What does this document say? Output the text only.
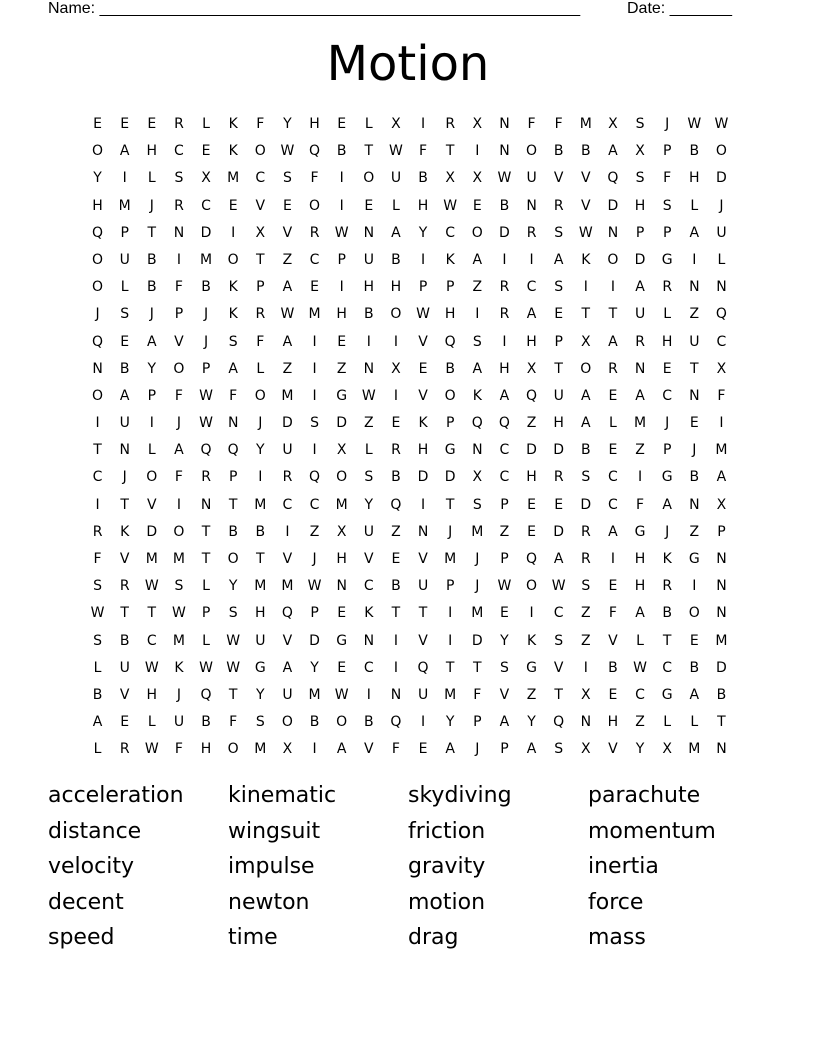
Name: ______________________________________________________	Date: _______
Motion
E	E	E	R	L	K	F	Y	H	E	L	X	I	R	X	N	F	F	M	X	S	J	W W
O	A	H	C	E	K	O	W	Q	B	T	W	F	T	I	N	O	B	B	A	X	P	B	O
Y	I	L	S	X	M	C	S	F	I	O	U	B	X	X	W	U	V	V	Q	S	F	H	D
H	M	J	R	C	E	V	E	O	I	E	L	H	W	E	B	N	R	V	D	H	S	L	J
Q	P	T	N	D	I	X	V	R	W	N	A	Y	C	O	D	R	S	W	N	P	P	A	U
O	U	B	I	M	O	T	Z	C	P	U	B	I	K	A	I	I	A	K	O	D	G	I	L
O	L	B	F	B	K	P	A	E	I	H	H	P	P	Z	R	C	S	I	I	A	R	N	N
J	S	J	P	J	K	R	W	M	H	B	O	W	H	I	R	A	E	T	T	U	L	Z	Q
Q	E	A	V	J	S	F	A	I	E	I	I	V	Q	S	I	H	P	X	A	R	H	U	C
N	B	Y	O	P	A	L	Z	I	Z	N	X	E	B	A	H	X	T	O	R	N	E	T	X
O	A	P	F	W	F	O	M	I	G	W	I	V	O	K	A	Q	U	A	E	A	C	N	F
I	U	I	J	W	N	J	D	S	D	Z	E	K	P	Q	Q	Z	H	A	L	M	J	E	I
T	N	L	A	Q	Q	Y	U	I	X	L	R	H	G	N	C	D	D	B	E	Z	P	J	M
C	J	O	F	R	P	I	R	Q	O	S	B	D	D	X	C	H	R	S	C	I	G	B	A
I	T	V	I	N	T	M	C	C	M	Y	Q	I	T	S	P	E	E	D	C	F	A	N	X
R	K	D	O	T	B	B	I	Z	X	U	Z	N	J	M	Z	E	D	R	A	G	J	Z	P
F	V	M	M	T	O	T	V	J	H	V	E	V	M	J	P	Q	A	R	I	H	K	G	N
S	R	W	S	L	Y	M	M	W	N	C	B	U	P	J	W	O	W	S	E	H	R	I	N
W	T	T	W	P	S	H	Q	P	E	K	T	T	I	M	E	I	C	Z	F	A	B	O	N
S	B	C	M	L	W	U	V	D	G	N	I	V	I	D	Y	K	S	Z	V	L	T	E	M
L	U	W	K	W W	G	A	Y	E	C	I	Q	T	T	S	G	V	I	B	W	C	B	D
B	V	H	J	Q	T	Y	U	M	W	I	N	U	M	F	V	Z	T	X	E	C	G	A	B
A	E	L	U	B	F	S	O	B	O	B	Q	I	Y	P	A	Y	Q	N	H	Z	L	L	T
L	R	W	F	H	O	M	X	I	A	V	F	E	A	J	P	A	S	X	V	Y	X	M	N
acceleration	kinematic	skydiving	parachute
distance	wingsuit	friction	momentum
velocity	impulse	gravity	inertia
decent	newton	motion	force
speed	time	drag	mass
